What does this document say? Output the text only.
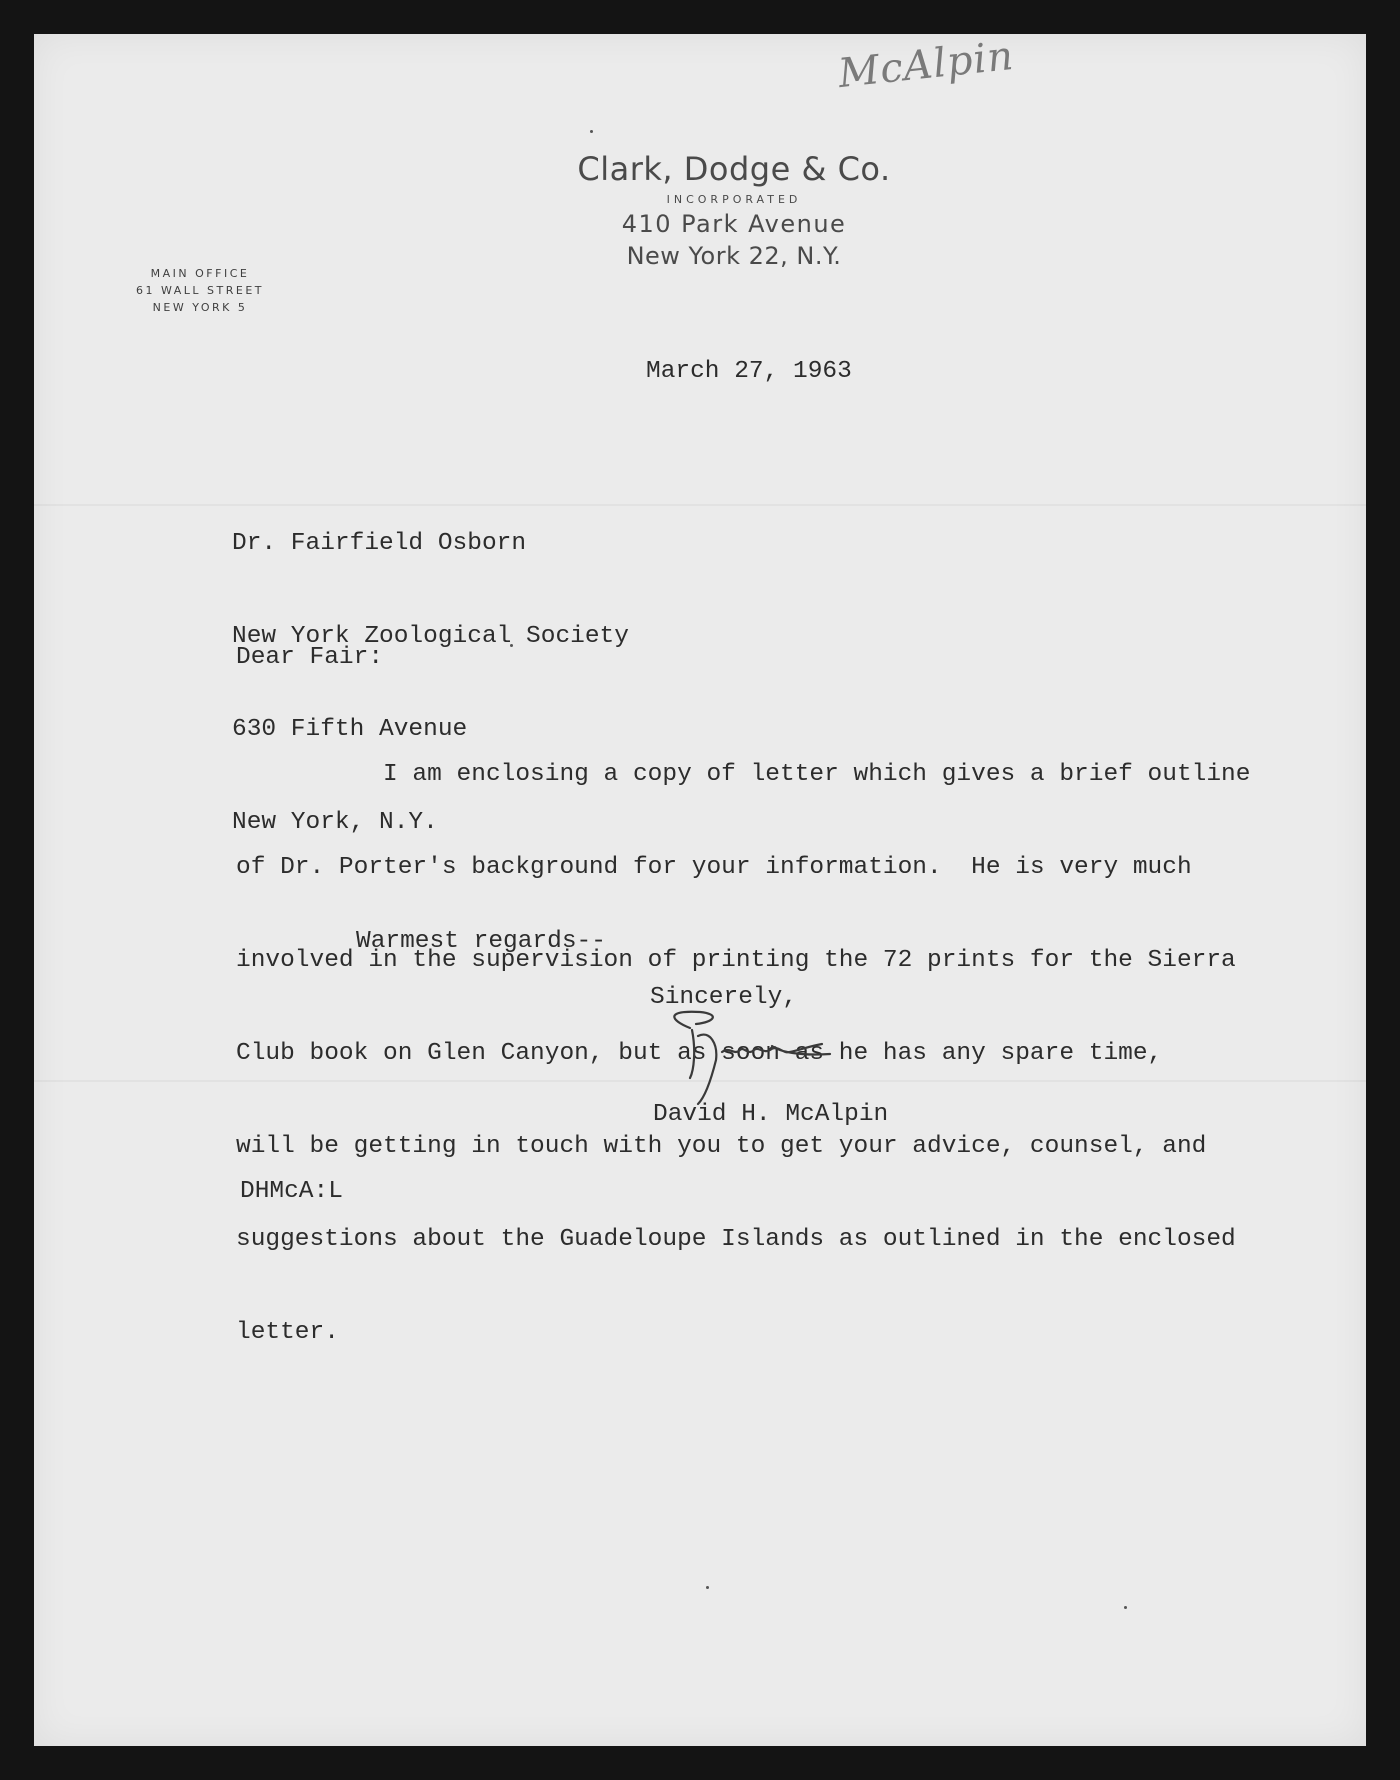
McAlpin
Clark, Dodge & Co.
INCORPORATED
410 Park Avenue
New York 22, N.Y.
MAIN OFFICE
61 WALL STREET
NEW YORK 5
March 27, 1963

Dr. Fairfield Osborn

New York Zoological Society

630 Fifth Avenue

New York, N.Y.

Dear Fair:

I am enclosing a copy of letter which gives a brief outline

of Dr. Porter's background for your information.  He is very much

involved in the supervision of printing the 72 prints for the Sierra

Club book on Glen Canyon, but as soon as he has any spare time,

will be getting in touch with you to get your advice, counsel, and

suggestions about the Guadeloupe Islands as outlined in the enclosed

letter.

Warmest regards--
Sincerely,
David H. McAlpin
DHMcA:L
